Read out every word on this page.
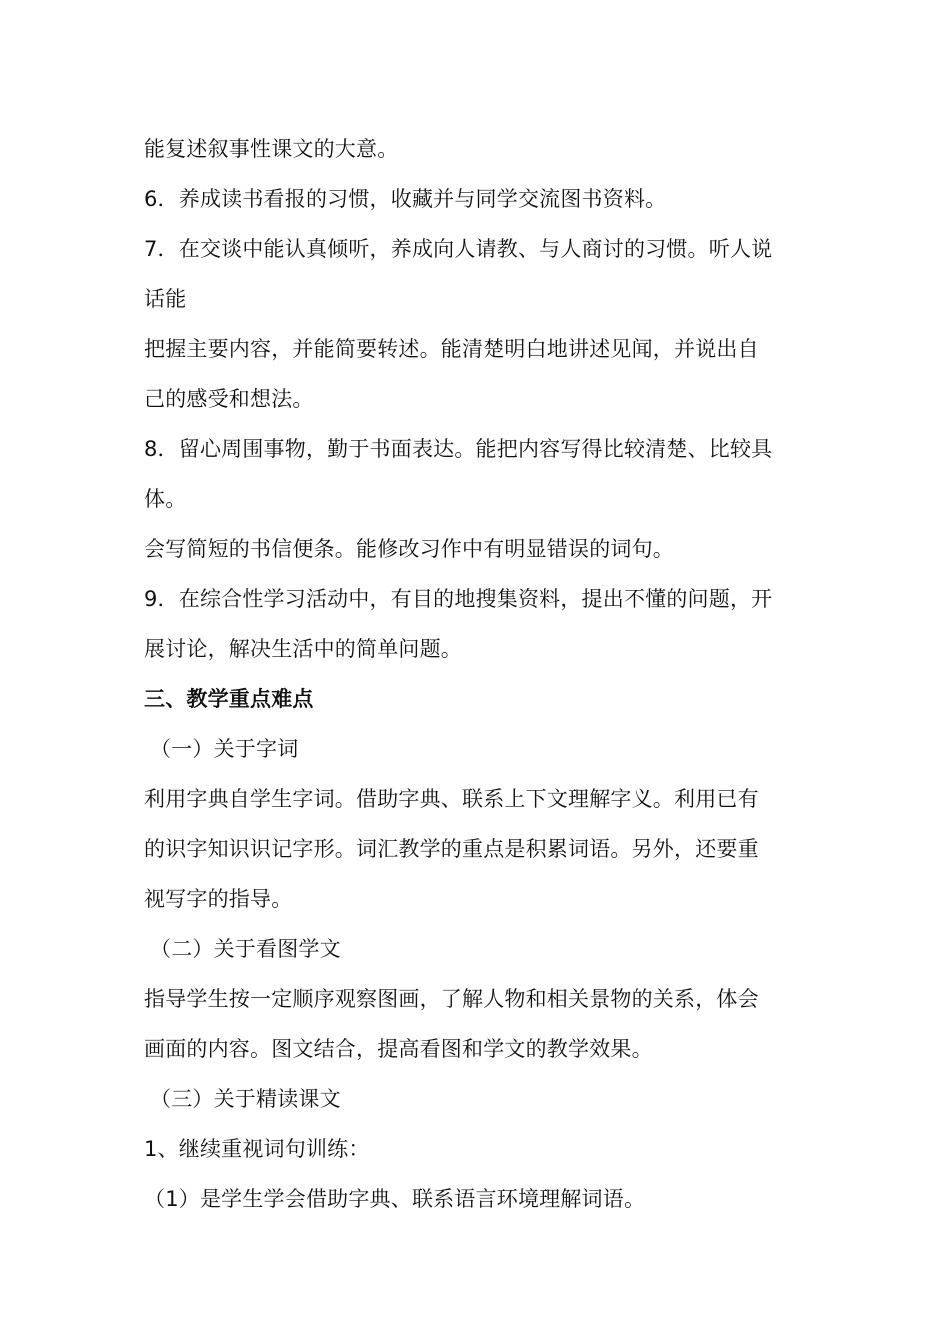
能复述叙事性课文的大意。
6．养成读书看报的习惯，收藏并与同学交流图书资料。
7．在交谈中能认真倾听，养成向人请教、与人商讨的习惯。听人说
话能
把握主要内容，并能简要转述。能清楚明白地讲述见闻，并说出自
己的感受和想法。
8．留心周围事物，勤于书面表达。能把内容写得比较清楚、比较具
体。
会写简短的书信便条。能修改习作中有明显错误的词句。
9．在综合性学习活动中，有目的地搜集资料，提出不懂的问题，开
展讨论，解决生活中的简单问题。
三、教学重点难点
（一）关于字词
利用字典自学生字词。借助字典、联系上下文理解字义。利用已有
的识字知识识记字形。词汇教学的重点是积累词语。另外，还要重
视写字的指导。
（二）关于看图学文
指导学生按一定顺序观察图画，了解人物和相关景物的关系，体会
画面的内容。图文结合，提高看图和学文的教学效果。
（三）关于精读课文
1、继续重视词句训练：
（1）是学生学会借助字典、联系语言环境理解词语。
